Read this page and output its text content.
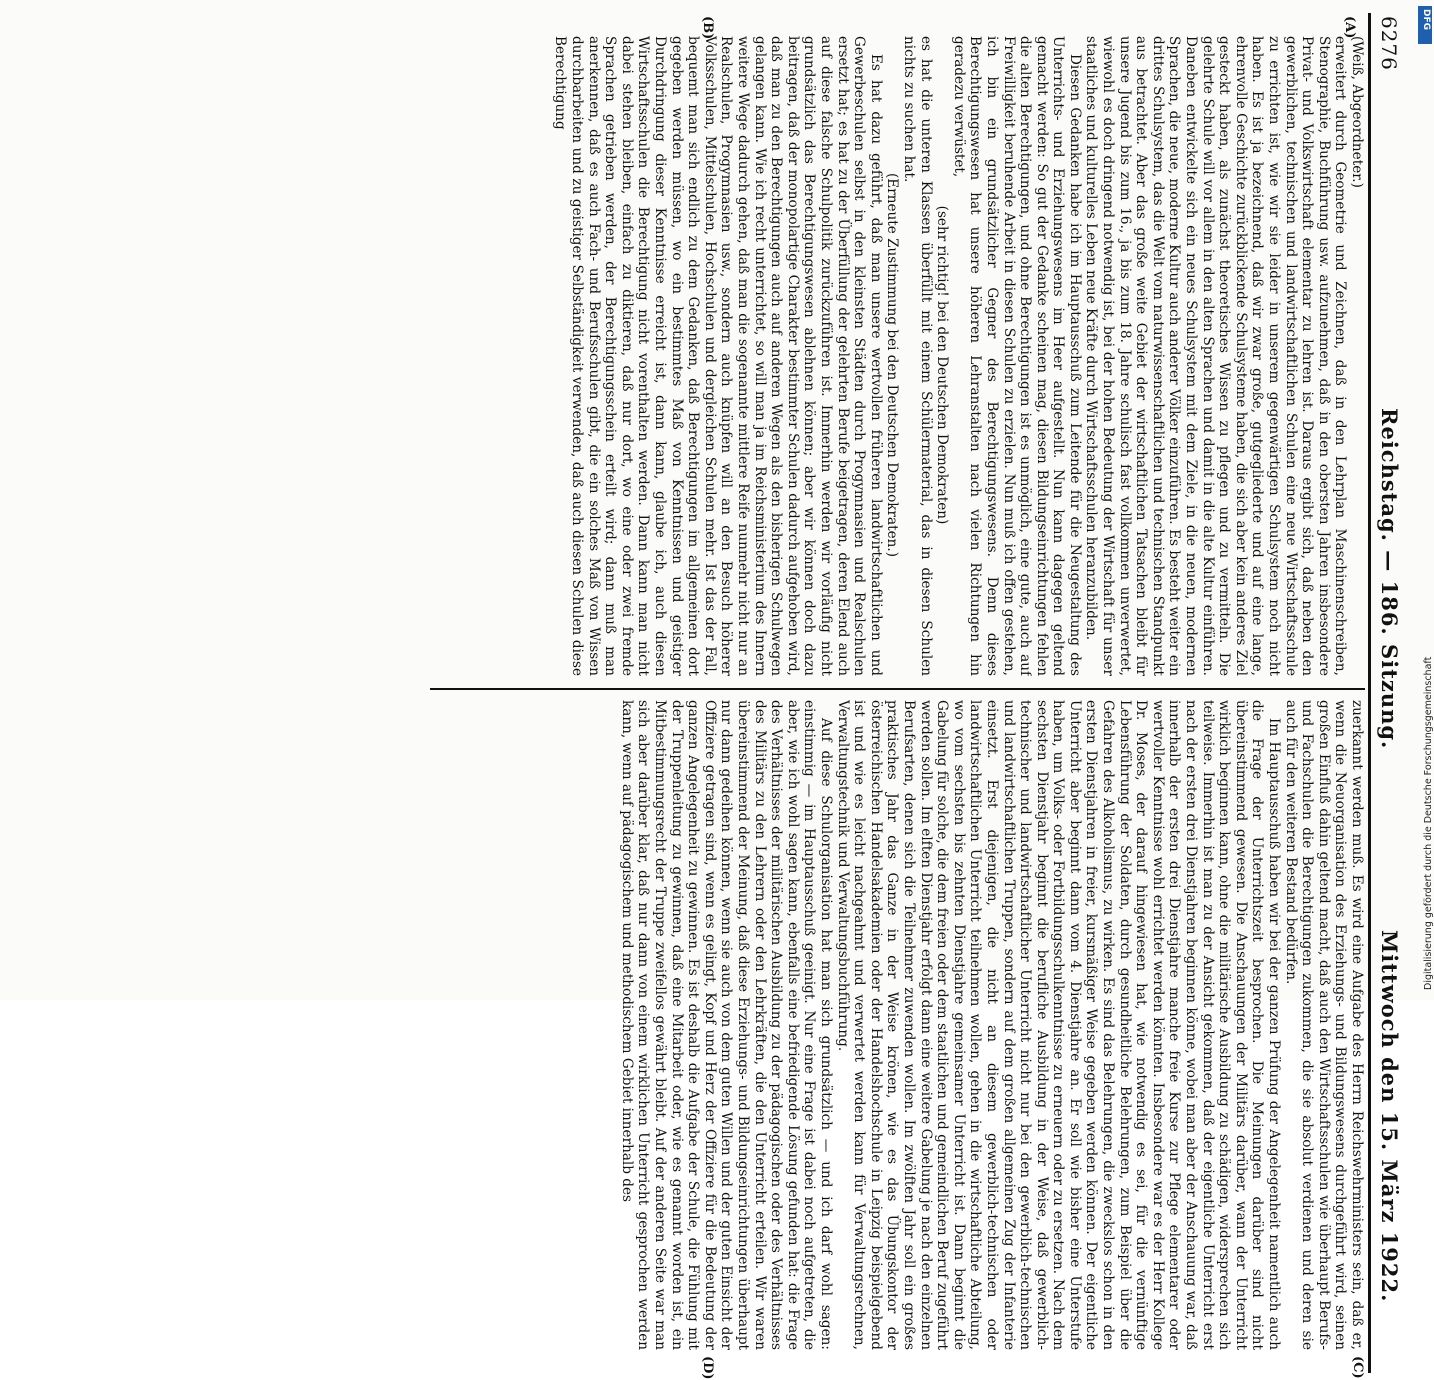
6276
Reichstag. — 186. Sitzung.
Mittwoch den 15. März 1922.
(A)
(B)
(C)
(D)

(Weiß, Abgeordneter.)

erweitert durch Geometrie und Zeichnen, daß in den Lehrplan Maschinenschreiben, Stenographie, Buchführung usw. aufzunehmen, daß in den obersten Jahren insbesondere Privat- und Volkswirtschaft elementar zu lehren ist. Daraus ergibt sich, daß neben den gewerblichen, technischen und landwirtschaftlichen Schulen eine neue Wirtschaftsschule zu errichten ist, wie wir sie leider in unserem gegenwärtigen Schulsystem noch nicht haben. Es ist ja bezeichnend, daß wir zwar große, gutgegliederte und auf eine lange, ehrenvolle Geschichte zurückblickende Schulsysteme haben, die sich aber kein anderes Ziel gesteckt haben, als zunächst theoretisches Wissen zu pflegen und zu vermitteln. Die gelehrte Schule will vor allem in den alten Sprachen und damit in die alte Kultur einführen. Daneben entwickelte sich ein neues Schulsystem mit dem Ziele, in die neuen, modernen Sprachen, die neue, moderne Kultur auch anderer Völker einzuführen. Es besteht weiter ein drittes Schulsystem, das die Welt vom naturwissenschaftlichen und technischen Standpunkt aus betrachtet. Aber das große weite Gebiet der wirtschaftlichen Tatsachen bleibt für unsere Jugend bis zum 16., ja bis zum 18. Jahre schulisch fast vollkommen unverwertet, wiewohl es doch dringend notwendig ist, bei der hohen Bedeutung der Wirtschaft für unser staatliches und kulturelles Leben neue Kräfte durch Wirtschaftsschulen heranzubilden.

Diesen Gedanken habe ich im Hauptausschuß zum Leitende für die Neugestaltung des Unterrichts- und Erziehungswesens im Heer aufgestellt. Nun kann dagegen geltend gemacht werden: So gut der Gedanke scheinen mag, diesen Bildungseinrichtungen fehlen die alten Berechtigungen, und ohne Berechtigungen ist es unmöglich, eine gute, auch auf Freiwilligkeit beruhende Arbeit in diesen Schulen zu erzielen. Nun muß ich offen gestehen, ich bin ein grundsätzlicher Gegner des Berechtigungswesens. Denn dieses Berechtigungswesen hat unsere höheren Lehranstalten nach vielen Richtungen hin geradezu verwüstet,

(sehr richtig! bei den Deutschen Demokraten)

es hat die unteren Klassen überfüllt mit einem Schülermaterial, das in diesen Schulen nichts zu suchen hat.

(Erneute Zustimmung bei den Deutschen Demokraten.)

Es hat dazu geführt, daß man unsere wertvollen früheren landwirtschaftlichen und Gewerbeschulen selbst in den kleinsten Städten durch Progymnasien und Realschulen ersetzt hat; es hat zu der Überfüllung der gelehrten Berufe beigetragen, deren Elend auch auf diese falsche Schulpolitik zurückzuführen ist. Immerhin werden wir vorläufig nicht grundsätzlich das Berechtigungswesen ablehnen können; aber wir können doch dazu beitragen, daß der monopolartige Charakter bestimmter Schulen dadurch aufgehoben wird, daß man zu den Berechtigungen auch auf anderen Wegen als den bisherigen Schulwegen gelangen kann. Wie ich recht unterrichtet, so will man ja im Reichsministerium des Innern weitere Wege dadurch gehen, daß man die sogenannte mittlere Reife nunmehr nicht nur an Realschulen, Progymnasien usw., sondern auch knüpfen will an den Besuch höherer Volksschulen, Mittelschulen, Hochschulen und dergleichen Schulen mehr. Ist das der Fall, bequemt man sich endlich zu dem Gedanken, daß Berechtigungen im allgemeinen dort gegeben werden müssen, wo ein bestimmtes Maß von Kenntnissen und geistiger Durchdringung dieser Kenntnisse erreicht ist, dann kann, glaube ich, auch diesen Wirtschaftsschulen die Berechtigung nicht vorenthalten werden. Dann kann man nicht dabei stehen bleiben, einfach zu diktieren, daß nur dort, wo eine oder zwei fremde Sprachen getrieben werden, der Berechtigungsschein erteilt wird; dann muß man anerkennen, daß es auch Fach- und Berufsschulen gibt, die ein solches Maß von Wissen durchbarbeiten und zu geistiger Selbständigkeit verwenden, daß auch diesen Schulen diese Berechtigung

zuerkannt werden muß. Es wird eine Aufgabe des Herrn Reichswehrministers sein, daß er, wenn die Neuorganisation des Erziehungs- und Bildungswesens durchgeführt wird, seinen großen Einfluß dahin geltend macht, daß auch den Wirtschaftsschulen wie überhaupt Berufs- und Fachschulen die Berechtigungen zukommen, die sie absolut verdienen und deren sie auch für den weiteren Bestand bedürfen.

Im Hauptausschuß haben wir bei der ganzen Prüfung der Angelegenheit namentlich auch die Frage der Unterrichtszeit besprochen. Die Meinungen darüber sind nicht übereinstimmend gewesen. Die Anschauungen der Militärs darüber, wann der Unterricht wirklich beginnen kann, ohne die militärische Ausbildung zu schädigen, widersprechen sich teilweise. Immerhin ist man zu der Ansicht gekommen, daß der eigentliche Unterricht erst nach der ersten drei Dienstjahren beginnen könne, wobei man aber der Anschauung war, daß innerhalb der ersten drei Dienstjahre manche freie Kurse zur Pflege elementarer oder wertvoller Kenntnisse wohl errichtet werden könnten. Insbesondere war es der Herr Kollege Dr. Moses, der darauf hingewiesen hat, wie notwendig es sei, für die vernünftige Lebensführung der Soldaten, durch gesundheitliche Belehrungen, zum Beispiel über die Gefahren des Alkoholismus, zu wirken. Es sind das Belehrungen, die zweckslos schon in den ersten Dienstjahren in freier, kursmäßiger Weise gegeben werden können. Der eigentliche Unterricht aber beginnt dann vom 4. Dienstjahre an. Er soll wie bisher eine Unterstufe haben, um Volks- oder Fortbildungsschulkenntnisse zu erneuern oder zu ersetzen. Nach dem sechsten Dienstjahr beginnt die berufliche Ausbildung in der Weise, daß gewerblich-technischer und landwirtschaftlicher Unterricht nicht nur bei den gewerblich-technischen und landwirtschaftlichen Truppen, sondern auf dem großen allgemeinen Zug der Infanterie einsetzt. Erst diejenigen, die nicht an diesem gewerblich-technischen oder landwirtschaftlichen Unterricht teilnehmen wollen, gehen in die wirtschaftliche Abteilung, wo vom sechsten bis zehnten Dienstjahre gemeinsamer Unterricht ist. Dann beginnt die Gabelung für solche, die dem freien oder dem staatlichen und gemeindlichen Beruf zugeführt werden sollen. Im elften Dienstjahr erfolgt dann eine weitere Gabelung je nach den einzelnen Berufsarten, denen sich die Teilnehmer zuwenden wollen. Im zwölften Jahr soll ein großes praktisches Jahr das Ganze in der Weise krönen, wie es das Übungskontor der österreichischen Handelsakademien oder der Handelshochschule in Leipzig beispielgebend ist und wie es leicht nachgeahmt und verwertet werden kann für Verwaltungsrechnen, Verwaltungstechnik und Verwaltungsbuchführung.

Auf diese Schulorganisation hat man sich grundsätzlich — und ich darf wohl sagen: einstimmig — im Hauptausschuß geeinigt. Nur eine Frage ist dabei noch aufgetreten, die aber, wie ich wohl sagen kann, ebenfalls eine befriedigende Lösung gefunden hat: die Frage des Verhältnisses der militärischen Ausbildung zu der pädagogischen oder des Verhältnisses des Militärs zu den Lehrern oder den Lehrkräften, die den Unterricht erteilen. Wir waren übereinstimmend der Meinung, daß diese Erziehungs- und Bildungseinrichtungen überhaupt nur dann gedeihen können, wenn sie auch von dem guten Willen und der guten Einsicht der Offiziere getragen sind, wenn es gelingt, Kopf und Herz der Offiziere für die Bedeutung der ganzen Angelegenheit zu gewinnen. Es ist deshalb die Aufgabe der Schule, die Fühlung mit der Truppenleitung zu gewinnen, daß eine Mitarbeit oder, wie es genannt worden ist, ein Mitbestimmungsrecht der Truppe zweifellos gewährt bleibt. Auf der anderen Seite war man sich aber darüber klar, daß nur dann von einem wirklichen Unterricht gesprochen werden kann, wenn auf pädagogischem und methodischem Gebiet innerhalb des

DFG
Digitalisierung gefördert durch die Deutsche Forschungsgemeinschaft
